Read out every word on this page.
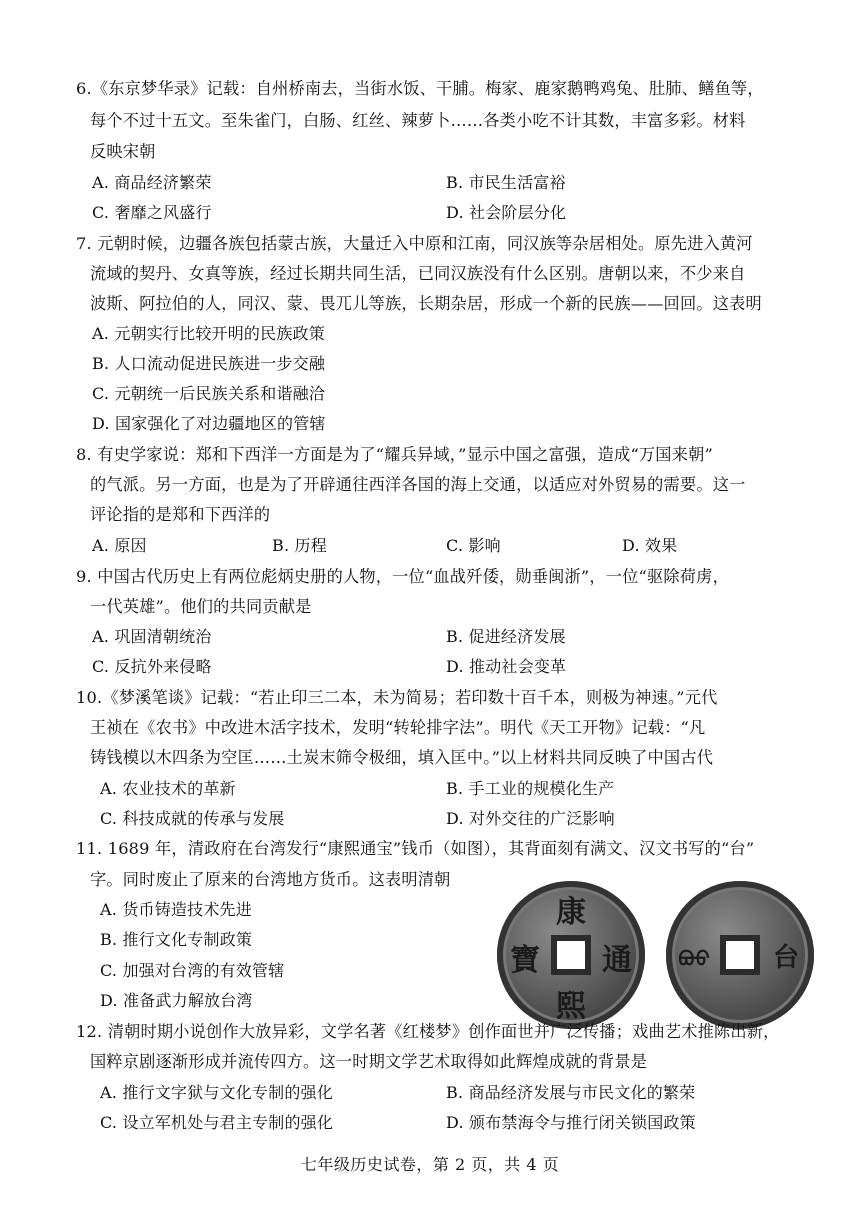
6.《东京梦华录》记载：自州桥南去，当街水饭、干脯。梅家、鹿家鹅鸭鸡兔、肚肺、鳝鱼等，
每个不过十五文。至朱雀门，白肠、红丝、辣萝卜……各类小吃不计其数，丰富多彩。材料
反映宋朝
A. 商品经济繁荣	B. 市民生活富裕
C. 奢靡之风盛行	D. 社会阶层分化
7. 元朝时候，边疆各族包括蒙古族，大量迁入中原和江南，同汉族等杂居相处。原先进入黄河
流域的契丹、女真等族，经过长期共同生活，已同汉族没有什么区别。唐朝以来，不少来自
波斯、阿拉伯的人，同汉、蒙、畏兀儿等族，长期杂居，形成一个新的民族——回回。这表明
A. 元朝实行比较开明的民族政策
B. 人口流动促进民族进一步交融
C. 元朝统一后民族关系和谐融洽
D. 国家强化了对边疆地区的管辖
8. 有史学家说：郑和下西洋一方面是为了“耀兵异域，”显示中国之富强，造成“万国来朝”
的气派。另一方面，也是为了开辟通往西洋各国的海上交通，以适应对外贸易的需要。这一
评论指的是郑和下西洋的
A. 原因	B. 历程	C. 影响	D. 效果
9. 中国古代历史上有两位彪炳史册的人物，一位“血战歼倭，勋垂闽浙”，一位“驱除荷虏，
一代英雄”。他们的共同贡献是
A. 巩固清朝统治	B. 促进经济发展
C. 反抗外来侵略	D. 推动社会变革
10.《梦溪笔谈》记载：“若止印三二本，未为简易；若印数十百千本，则极为神速。”元代
王祯在《农书》中改进木活字技术，发明“转轮排字法”。明代《天工开物》记载：“凡
铸钱模以木四条为空匡……土炭末筛令极细，填入匡中。”以上材料共同反映了中国古代
A. 农业技术的革新	B. 手工业的规模化生产
C. 科技成就的传承与发展	D. 对外交往的广泛影响
11. 1689 年，清政府在台湾发行“康熙通宝”钱币（如图），其背面刻有满文、汉文书写的“台”
字。同时废止了原来的台湾地方货币。这表明清朝
A. 货币铸造技术先进
B. 推行文化专制政策
C. 加强对台湾的有效管辖
D. 准备武力解放台湾
康
熙
寶 通 ᠪᠣᠣ 台
12. 清朝时期小说创作大放异彩，文学名著《红楼梦》创作面世并广泛传播；戏曲艺术推陈出新，
国粹京剧逐渐形成并流传四方。这一时期文学艺术取得如此辉煌成就的背景是
A. 推行文字狱与文化专制的强化	B. 商品经济发展与市民文化的繁荣
C. 设立军机处与君主专制的强化	D. 颁布禁海令与推行闭关锁国政策
七年级历史试卷，第 2 页，共 4 页
